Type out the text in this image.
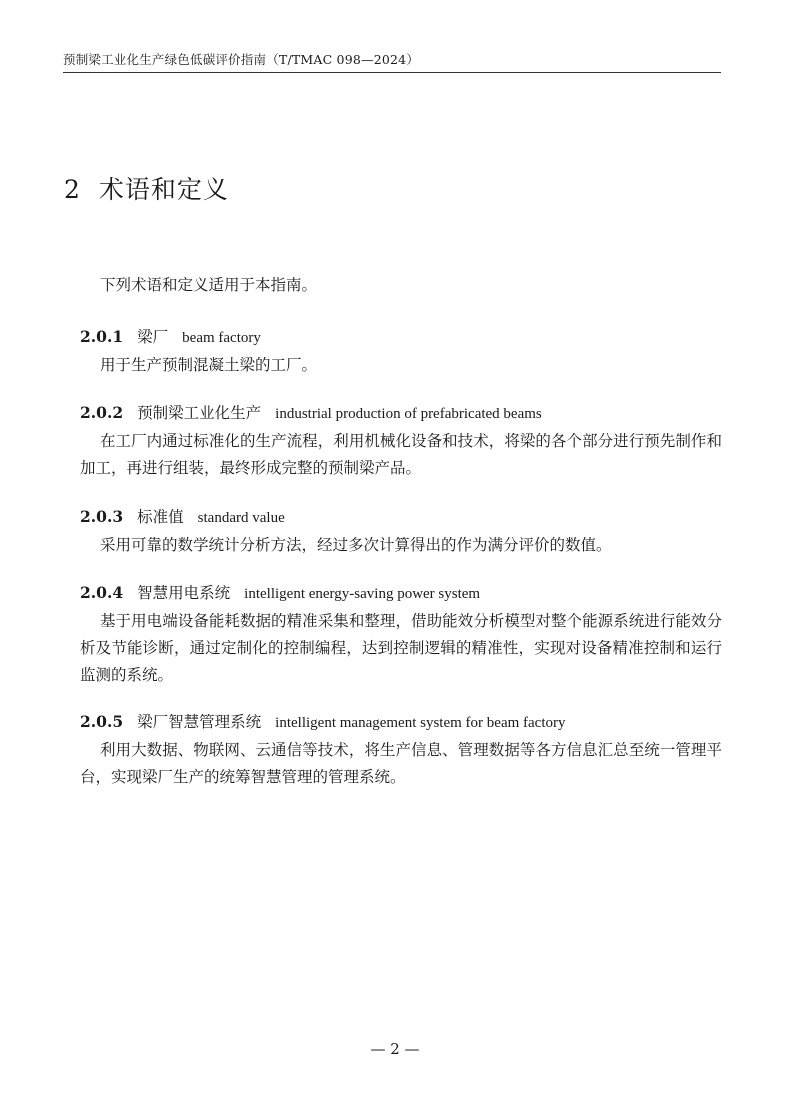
预制梁工业化生产绿色低碳评价指南（T/TMAC 098—2024）
2 术语和定义
下列术语和定义适用于本指南。
2.0.1 梁厂 beam factory

用于生产预制混凝土梁的工厂。

2.0.2 预制梁工业化生产 industrial production of prefabricated beams

在工厂内通过标准化的生产流程，利用机械化设备和技术，将梁的各个部分进行预先制作和加工，再进行组装，最终形成完整的预制梁产品。

2.0.3 标准值 standard value

采用可靠的数学统计分析方法，经过多次计算得出的作为满分评价的数值。

2.0.4 智慧用电系统 intelligent energy-saving power system

基于用电端设备能耗数据的精准采集和整理，借助能效分析模型对整个能源系统进行能效分析及节能诊断，通过定制化的控制编程，达到控制逻辑的精准性，实现对设备精准控制和运行监测的系统。

2.0.5 梁厂智慧管理系统 intelligent management system for beam factory

利用大数据、物联网、云通信等技术，将生产信息、管理数据等各方信息汇总至统一管理平台，实现梁厂生产的统筹智慧管理的管理系统。

— 2 —
